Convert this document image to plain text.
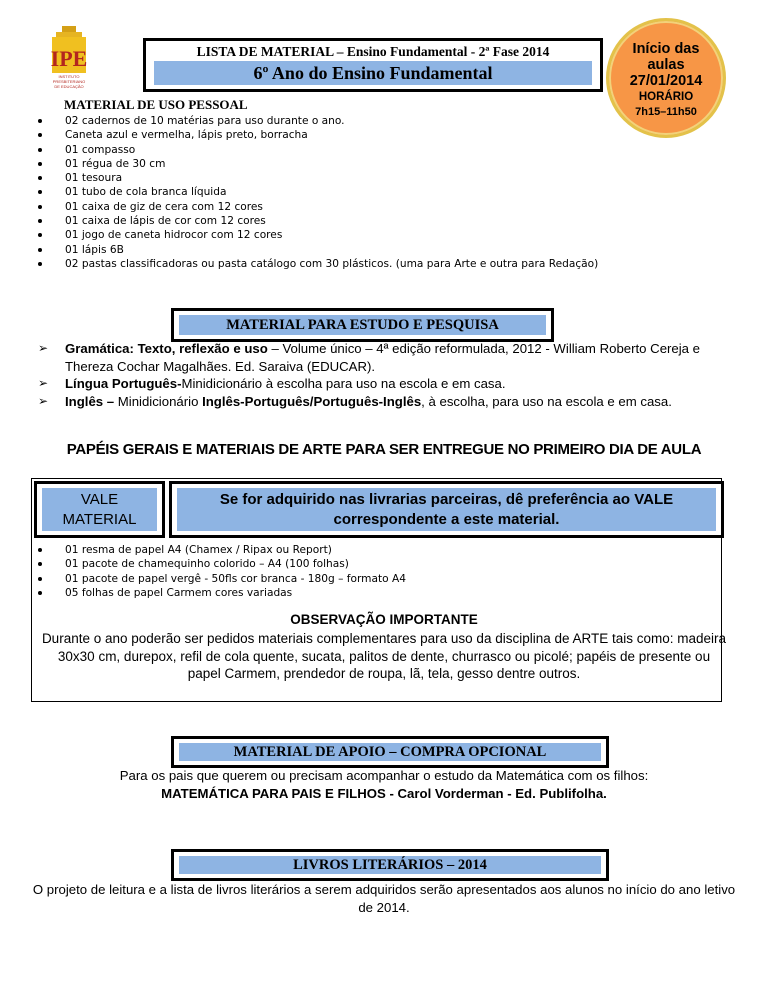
IPE
INSTITUTO
PRESBITERIANO
DE EDUCAÇÃO
LISTA DE MATERIAL – Ensino Fundamental - 2ª Fase 2014
6º Ano do Ensino Fundamental
Início das
aulas
27/01/2014
HORÁRIO
7h15–11h50
MATERIAL DE USO PESSOAL
02 cadernos de 10 matérias para uso durante o ano.
Caneta azul e vermelha, lápis preto, borracha
01 compasso
01 régua de 30 cm
01 tesoura
01 tubo de cola branca líquida
01 caixa de giz de cera com 12 cores
01 caixa de lápis de cor com 12 cores
01 jogo de caneta hidrocor com 12 cores
01 lápis 6B
02 pastas classificadoras ou pasta catálogo com 30 plásticos. (uma para Arte e outra para Redação)
MATERIAL PARA ESTUDO E PESQUISA
➢ Gramática: Texto, reflexão e uso – Volume único – 4ª edição reformulada, 2012 - William Roberto Cereja e Thereza Cochar Magalhães. Ed. Saraiva (EDUCAR).
➢ Língua Português-Minidicionário à escolha para uso na escola e em casa.
➢ Inglês – Minidicionário Inglês-Português/Português-Inglês, à escolha, para uso na escola e em casa.
PAPÉIS GERAIS E MATERIAIS DE ARTE PARA SER ENTREGUE NO PRIMEIRO DIA DE AULA
VALE
MATERIAL
Se for adquirido nas livrarias parceiras, dê preferência ao VALE
correspondente a este material.
01 resma de papel A4 (Chamex / Ripax ou Report)
01 pacote de chamequinho colorido – A4 (100 folhas)
01 pacote de papel vergê - 50fls cor branca - 180g – formato A4
05 folhas de papel Carmem cores variadas
OBSERVAÇÃO IMPORTANTE
Durante o ano poderão ser pedidos materiais complementares para uso da disciplina de ARTE tais como: madeira 30x30 cm, durepox, refil de cola quente, sucata, palitos de dente, churrasco ou picolé; papéis de presente ou papel Carmem, prendedor de roupa, lã, tela, gesso dentre outros.
MATERIAL DE APOIO – COMPRA OPCIONAL
Para os pais que querem ou precisam acompanhar o estudo da Matemática com os filhos:
MATEMÁTICA PARA PAIS E FILHOS - Carol Vorderman - Ed. Publifolha.
LIVROS LITERÁRIOS – 2014
O projeto de leitura e a lista de livros literários a serem adquiridos serão apresentados aos alunos no início do ano letivo de 2014.
